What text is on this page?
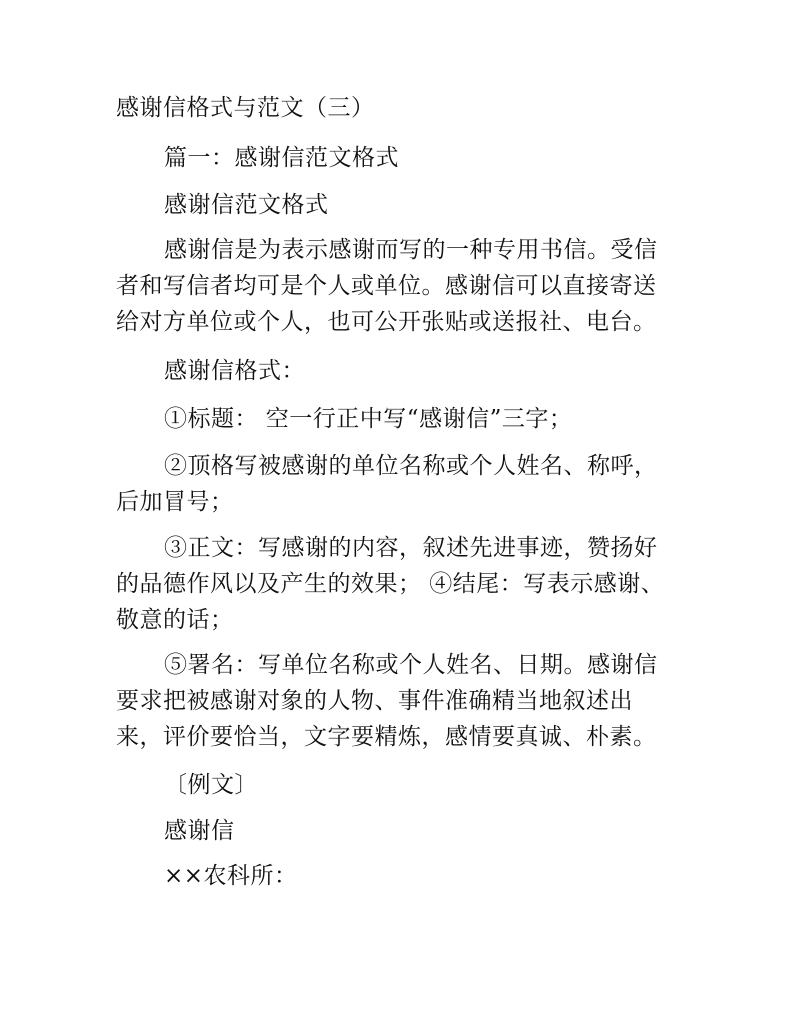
感谢信格式与范文（三）
篇一：感谢信范文格式
感谢信范文格式
感谢信是为表示感谢而写的一种专用书信。受信者和写信者均可是个人或单位。感谢信可以直接寄送给对方单位或个人，也可公开张贴或送报社、电台。
感谢信格式：
①标题： 空一行正中写“感谢信”三字；
②顶格写被感谢的单位名称或个人姓名、称呼，后加冒号；
③正文：写感谢的内容，叙述先进事迹，赞扬好的品德作风以及产生的效果； ④结尾：写表示感谢、敬意的话；
⑤署名：写单位名称或个人姓名、日期。感谢信要求把被感谢对象的人物、事件准确精当地叙述出来，评价要恰当，文字要精炼，感情要真诚、朴素。
〔例文〕
感谢信
××农科所：
